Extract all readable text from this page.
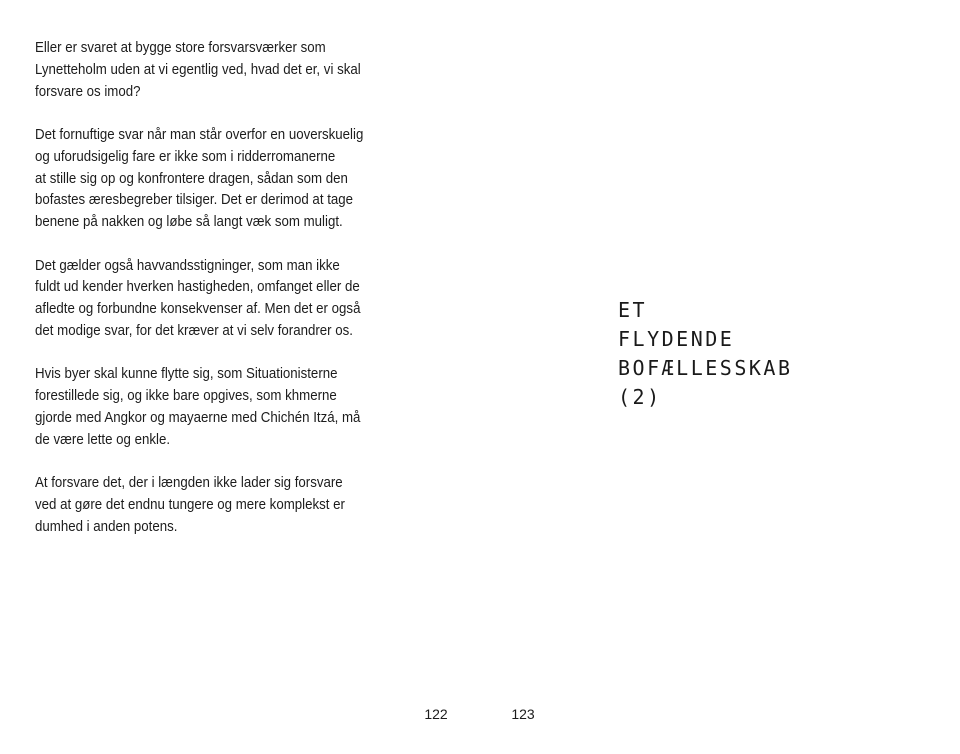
Eller er svaret at bygge store forsvarsværker som
Lynetteholm uden at vi egentlig ved, hvad det er, vi skal
forsvare os imod?

Det fornuftige svar når man står overfor en uoverskuelig
og uforudsigelig fare er ikke som i ridderromanerne
at stille sig op og konfrontere dragen, sådan som den
bofastes æresbegreber tilsiger. Det er derimod at tage
benene på nakken og løbe så langt væk som muligt.

Det gælder også havvandsstigninger, som man ikke
fuldt ud kender hverken hastigheden, omfanget eller de
afledte og forbundne konsekvenser af. Men det er også
det modige svar, for det kræver at vi selv forandrer os.

Hvis byer skal kunne flytte sig, som Situationisterne
forestillede sig, og ikke bare opgives, som khmerne
gjorde med Angkor og mayaerne med Chichén Itzá, må
de være lette og enkle.

At forsvare det, der i længden ikke lader sig forsvare
ved at gøre det endnu tungere og mere komplekst er
dumhed i anden potens.

122
ET
FLYDENDE
BOFÆLLESSKAB
(2)
123
